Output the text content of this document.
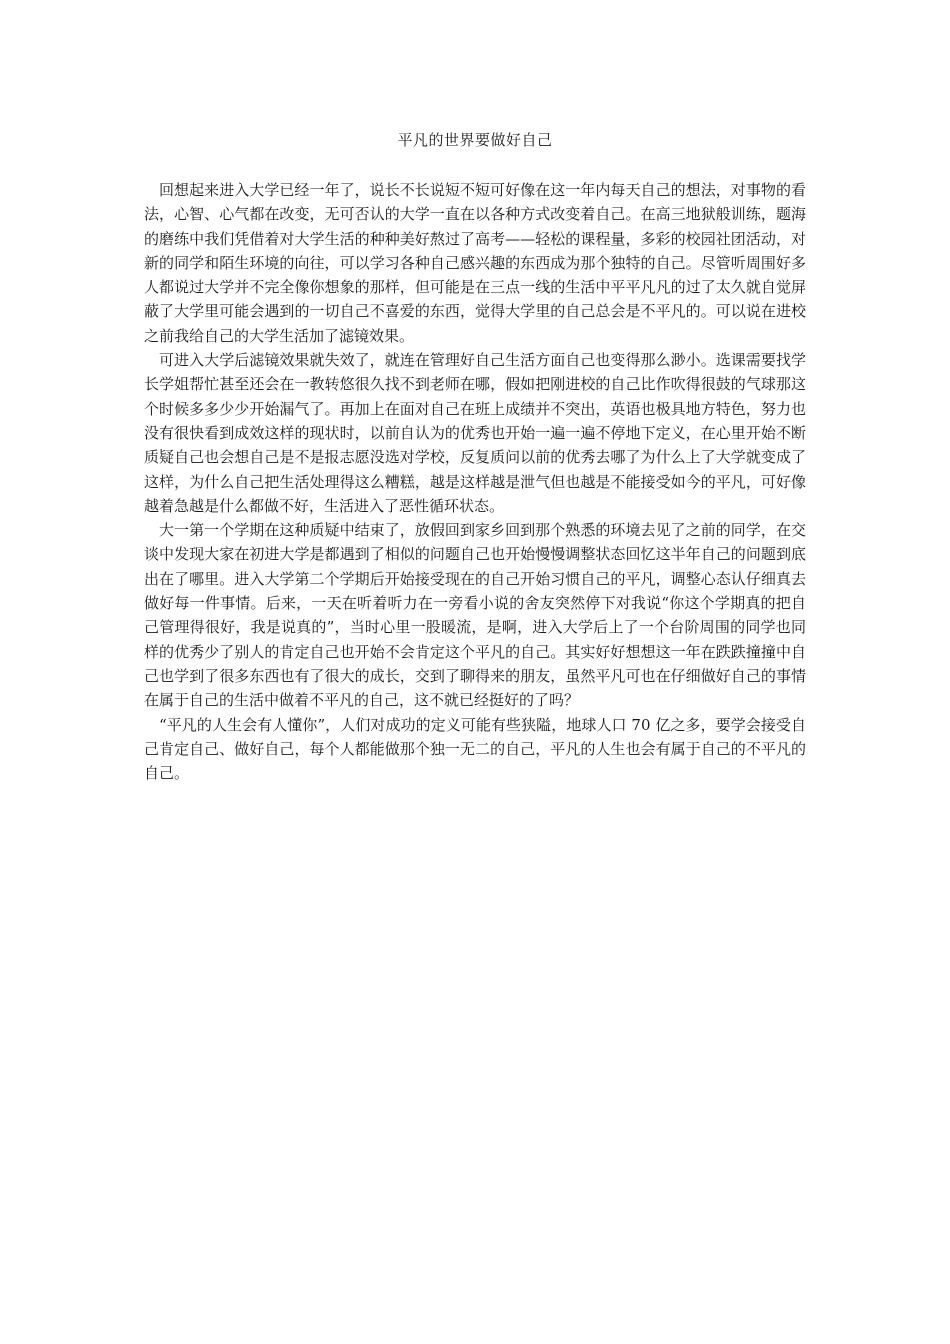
平凡的世界要做好自己

回想起来进入大学已经一年了，说长不长说短不短可好像在这一年内每天自己的想法，对事物的看法，心智、心气都在改变，无可否认的大学一直在以各种方式改变着自己。在高三地狱般训练，题海的磨练中我们凭借着对大学生活的种种美好熬过了高考——轻松的课程量，多彩的校园社团活动，对新的同学和陌生环境的向往，可以学习各种自己感兴趣的东西成为那个独特的自己。尽管听周围好多人都说过大学并不完全像你想象的那样，但可能是在三点一线的生活中平平凡凡的过了太久就自觉屏蔽了大学里可能会遇到的一切自己不喜爱的东西，觉得大学里的自己总会是不平凡的。可以说在进校之前我给自己的大学生活加了滤镜效果。

可进入大学后滤镜效果就失效了，就连在管理好自己生活方面自己也变得那么渺小。选课需要找学长学姐帮忙甚至还会在一教转悠很久找不到老师在哪，假如把刚进校的自己比作吹得很鼓的气球那这个时候多多少少开始漏气了。再加上在面对自己在班上成绩并不突出，英语也极具地方特色，努力也没有很快看到成效这样的现状时，以前自认为的优秀也开始一遍一遍不停地下定义，在心里开始不断质疑自己也会想自己是不是报志愿没选对学校，反复质问以前的优秀去哪了为什么上了大学就变成了这样，为什么自己把生活处理得这么糟糕，越是这样越是泄气但也越是不能接受如今的平凡，可好像越着急越是什么都做不好，生活进入了恶性循环状态。

大一第一个学期在这种质疑中结束了，放假回到家乡回到那个熟悉的环境去见了之前的同学，在交谈中发现大家在初进大学是都遇到了相似的问题自己也开始慢慢调整状态回忆这半年自己的问题到底出在了哪里。进入大学第二个学期后开始接受现在的自己开始习惯自己的平凡，调整心态认仔细真去做好每一件事情。后来，一天在听着听力在一旁看小说的舍友突然停下对我说“你这个学期真的把自己管理得很好，我是说真的”，当时心里一股暖流，是啊，进入大学后上了一个台阶周围的同学也同样的优秀少了别人的肯定自己也开始不会肯定这个平凡的自己。其实好好想想这一年在跌跌撞撞中自己也学到了很多东西也有了很大的成长，交到了聊得来的朋友，虽然平凡可也在仔细做好自己的事情在属于自己的生活中做着不平凡的自己，这不就已经挺好的了吗？

“平凡的人生会有人懂你”，人们对成功的定义可能有些狭隘，地球人口 70 亿之多，要学会接受自己肯定自己、做好自己，每个人都能做那个独一无二的自己，平凡的人生也会有属于自己的不平凡的自己。
